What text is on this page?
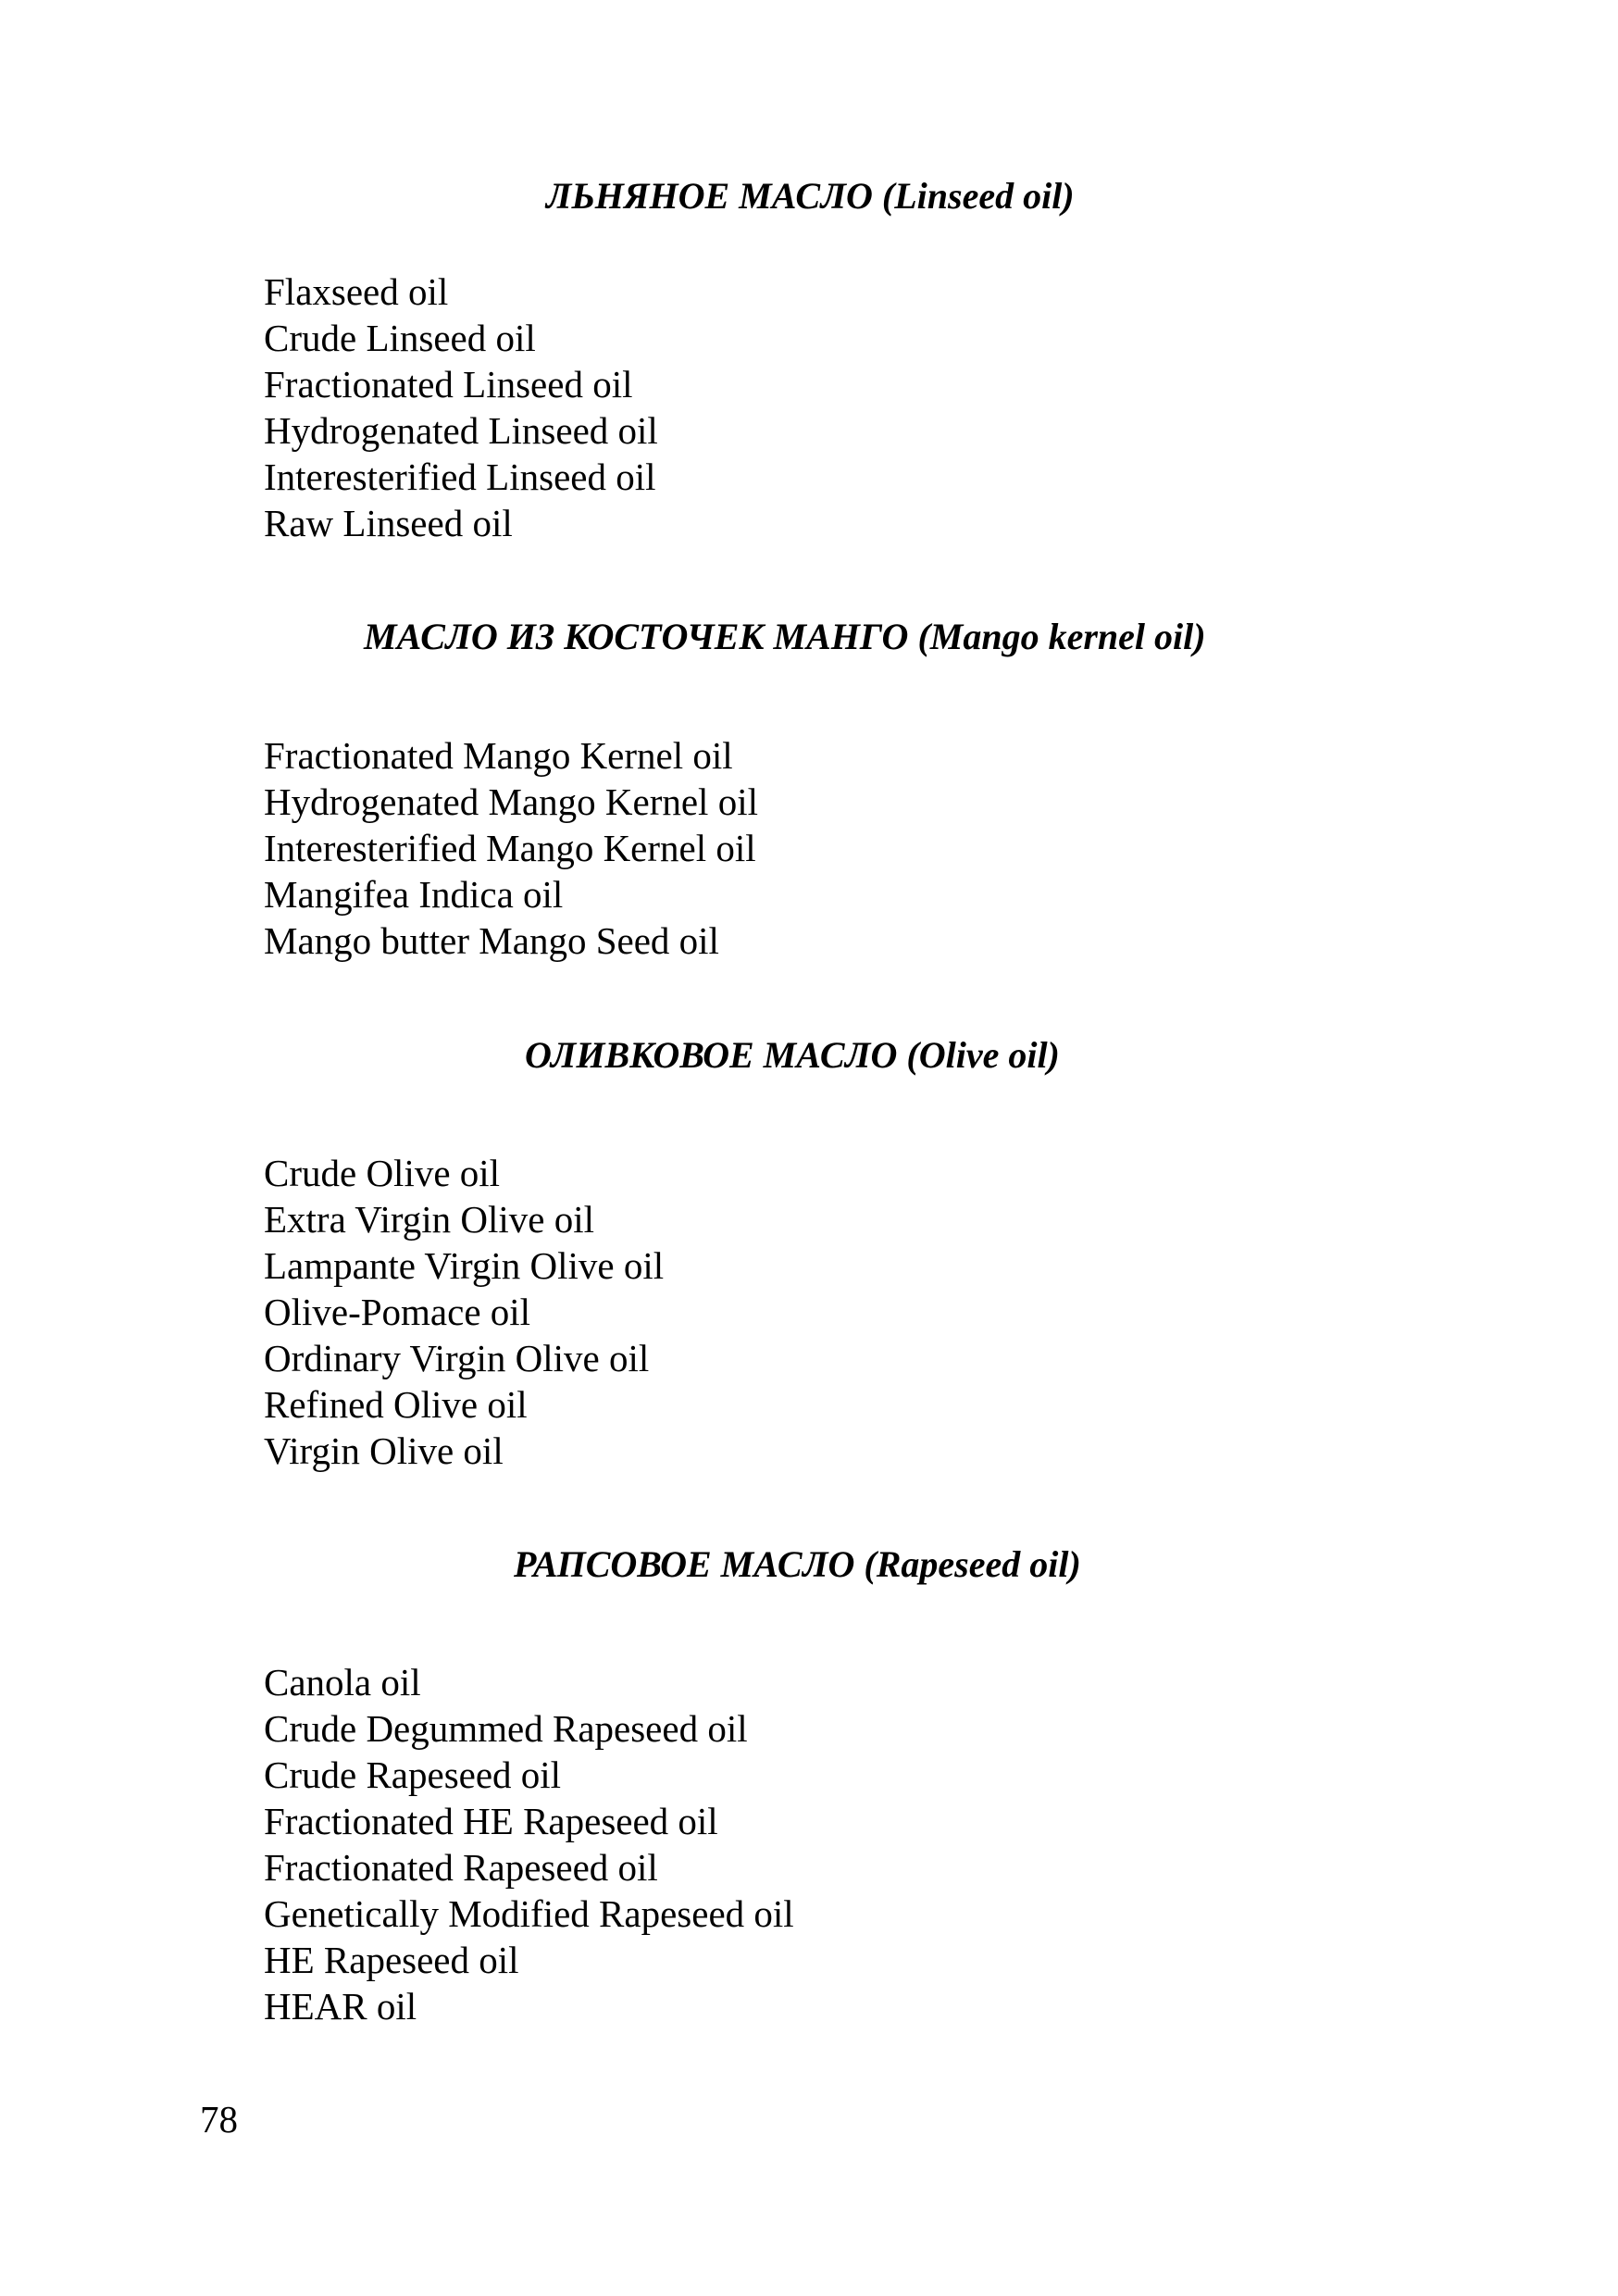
ЛЬНЯНОЕ МАСЛО (Linseed oil)
Flaxseed oil
Crude Linseed oil
Fractionated Linseed oil
Hydrogenated Linseed oil
Interesterified Linseed oil
Raw Linseed oil
МАСЛО ИЗ КОСТОЧЕК МАНГО (Mango kernel oil)
Fractionated Mango Kernel oil
Hydrogenated Mango Kernel oil
Interesterified Mango Kernel oil
Mangifea Indica oil
Mango butter Mango Seed oil
ОЛИВКОВОЕ МАСЛО (Olive oil)
Crude Olive oil
Extra Virgin Olive oil
Lampante Virgin Olive oil
Olive-Pomace oil
Ordinary Virgin Olive oil
Refined Olive oil
Virgin Olive oil
РАПСОВОЕ МАСЛО (Rapeseed oil)
Canola oil
Crude Degummed Rapeseed oil
Crude Rapeseed oil
Fractionated HE Rapeseed oil
Fractionated Rapeseed oil
Genetically Modified Rapeseed oil
HE Rapeseed oil
HEAR oil
78
